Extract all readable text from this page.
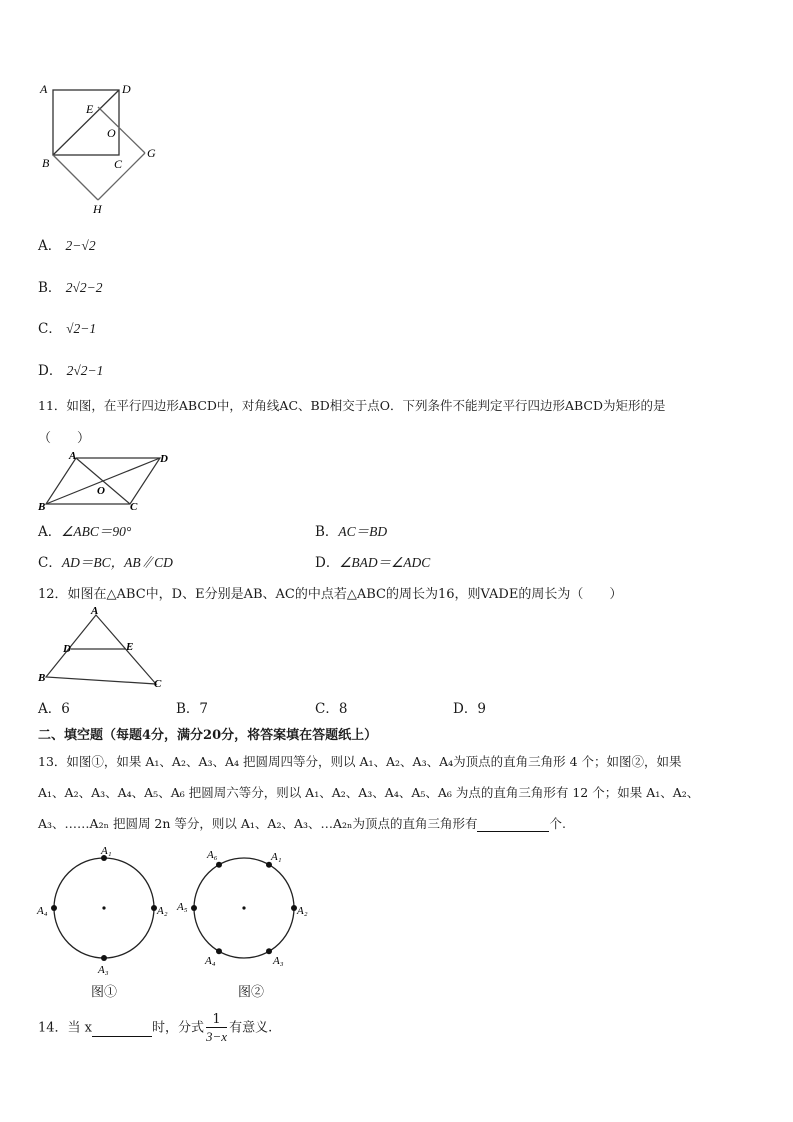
A	D
E
O
B	C
G
H
A． 2−√2
B． 2√2−2
C． √2−1
D． 2√2−1
11．如图，在平行四边形ABCD中，对角线AC、BD相交于点O．下列条件不能判定平行四边形ABCD为矩形的是
（　　）
A	D
B	C
O
A．∠ABC＝90°	B．AC＝BD
C．AD＝BC，AB∥CD	D．∠BAD＝∠ADC
12．如图在△ABC中，D、E分别是AB、AC的中点若△ABC的周长为16，则VADE的周长为（　　）
A
D	E
B	C
A．6	B．7	C．8	D．9
二、填空题（每题4分，满分20分，将答案填在答题纸上）
13．如图①，如果 A₁、A₂、A₃、A₄ 把圆周四等分，则以 A₁、A₂、A₃、A₄为顶点的直角三角形 4 个；如图②，如果
A₁、A₂、A₃、A₄、A₅、A₆ 把圆周六等分，则以 A₁、A₂、A₃、A₄、A₅、A₆ 为点的直角三角形有 12 个；如果 A₁、A₂、
A₃、……A₂ₙ 把圆周 2n 等分，则以 A₁、A₂、A₃、…A₂ₙ为顶点的直角三角形有	个.
A₁
A₂
A₃
A₄
图①
A₁
A₂
A₃
A₄
A₅
A₆
图②
14．当 x	时，分式 $\frac{1}{3-x}$ 有意义.
